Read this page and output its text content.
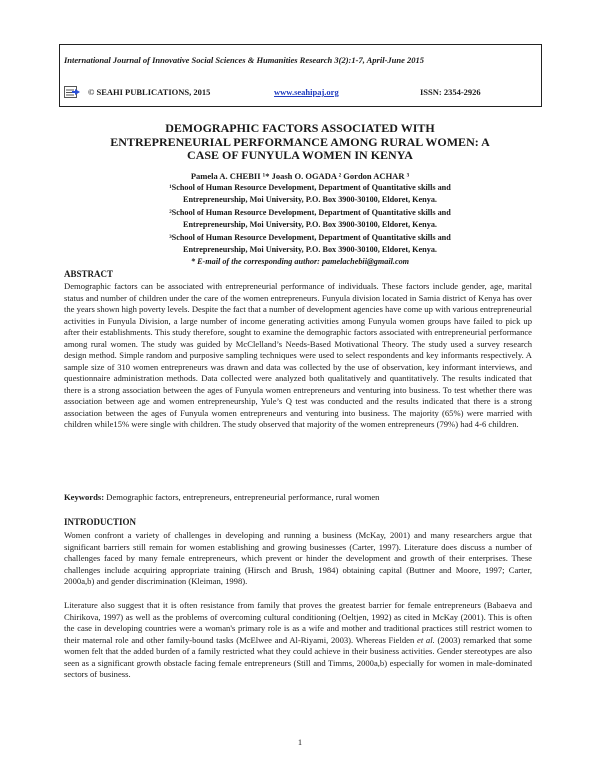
International Journal of Innovative Social Sciences & Humanities Research 3(2):1-7, April-June 2015
© SEAHI PUBLICATIONS, 2015	www.seahipaj.org	ISSN: 2354-2926
DEMOGRAPHIC FACTORS ASSOCIATED WITH
ENTREPRENEURIAL PERFORMANCE AMONG RURAL WOMEN: A
CASE OF FUNYULA WOMEN IN KENYA
Pamela A. CHEBII ¹* Joash O. OGADA ² Gordon ACHAR ³
¹School of Human Resource Development, Department of Quantitative skills and
Entrepreneurship, Moi University, P.O. Box 3900-30100, Eldoret, Kenya.
²School of Human Resource Development, Department of Quantitative skills and
Entrepreneurship, Moi University, P.O. Box 3900-30100, Eldoret, Kenya.
³School of Human Resource Development, Department of Quantitative skills and
Entrepreneurship, Moi University, P.O. Box 3900-30100, Eldoret, Kenya.
* E-mail of the corresponding author: pamelachebii@gmail.com
ABSTRACT
Demographic factors can be associated with entrepreneurial performance of individuals. These factors include gender, age, marital status and number of children under the care of the women entrepreneurs. Funyula division located in Samia district of Kenya has over the years shown high poverty levels. Despite the fact that a number of development agencies have come up with various entrepreneurial activities in Funyula Division, a large number of income generating activities among Funyula women groups have failed to pick up after their establishments. This study therefore, sought to examine the demographic factors associated with entrepreneurial performance among rural women. The study was guided by McClelland’s Needs-Based Motivational Theory. The study used a survey research design method. Simple random and purposive sampling techniques were used to select respondents and key informants respectively. A sample size of 310 women entrepreneurs was drawn and data was collected by the use of observation, key informant interviews, and questionnaire administration methods. Data collected were analyzed both qualitatively and quantitatively. The results indicated that there is a strong association between the ages of Funyula women entrepreneurs and venturing into business. To test whether there was association between age and women entrepreneurship, Yule’s Q test was conducted and the results indicated that there is a strong association between the ages of Funyula women entrepreneurs and venturing into business. The majority (65%) were married with children while15% were single with children. The study observed that majority of the women entrepreneurs (79%) had 4-6 children.
Keywords: Demographic factors, entrepreneurs, entrepreneurial performance, rural women
INTRODUCTION
Women confront a variety of challenges in developing and running a business (McKay, 2001) and many researchers argue that significant barriers still remain for women establishing and growing businesses (Carter, 1997). Literature does discuss a number of challenges faced by many female entrepreneurs, which prevent or hinder the development and growth of their enterprises. These challenges include acquiring appropriate training (Hirsch and Brush, 1984) obtaining capital (Buttner and Moore, 1997; Carter, 2000a,b) and gender discrimination (Kleiman, 1998).
Literature also suggest that it is often resistance from family that proves the greatest barrier for female entrepreneurs (Babaeva and Chirikova, 1997) as well as the problems of overcoming cultural conditioning (Oeltjen, 1992) as cited in McKay (2001). This is often the case in developing countries were a woman's primary role is as a wife and mother and traditional practices still restrict women to their maternal role and other family-bound tasks (McElwee and Al-Riyami, 2003). Whereas Fielden et al. (2003) remarked that some women felt that the added burden of a family restricted what they could achieve in their business activities. Gender stereotypes are also seen as a significant growth obstacle facing female entrepreneurs (Still and Timms, 2000a,b) especially for women in male-dominated sectors of business.
1
